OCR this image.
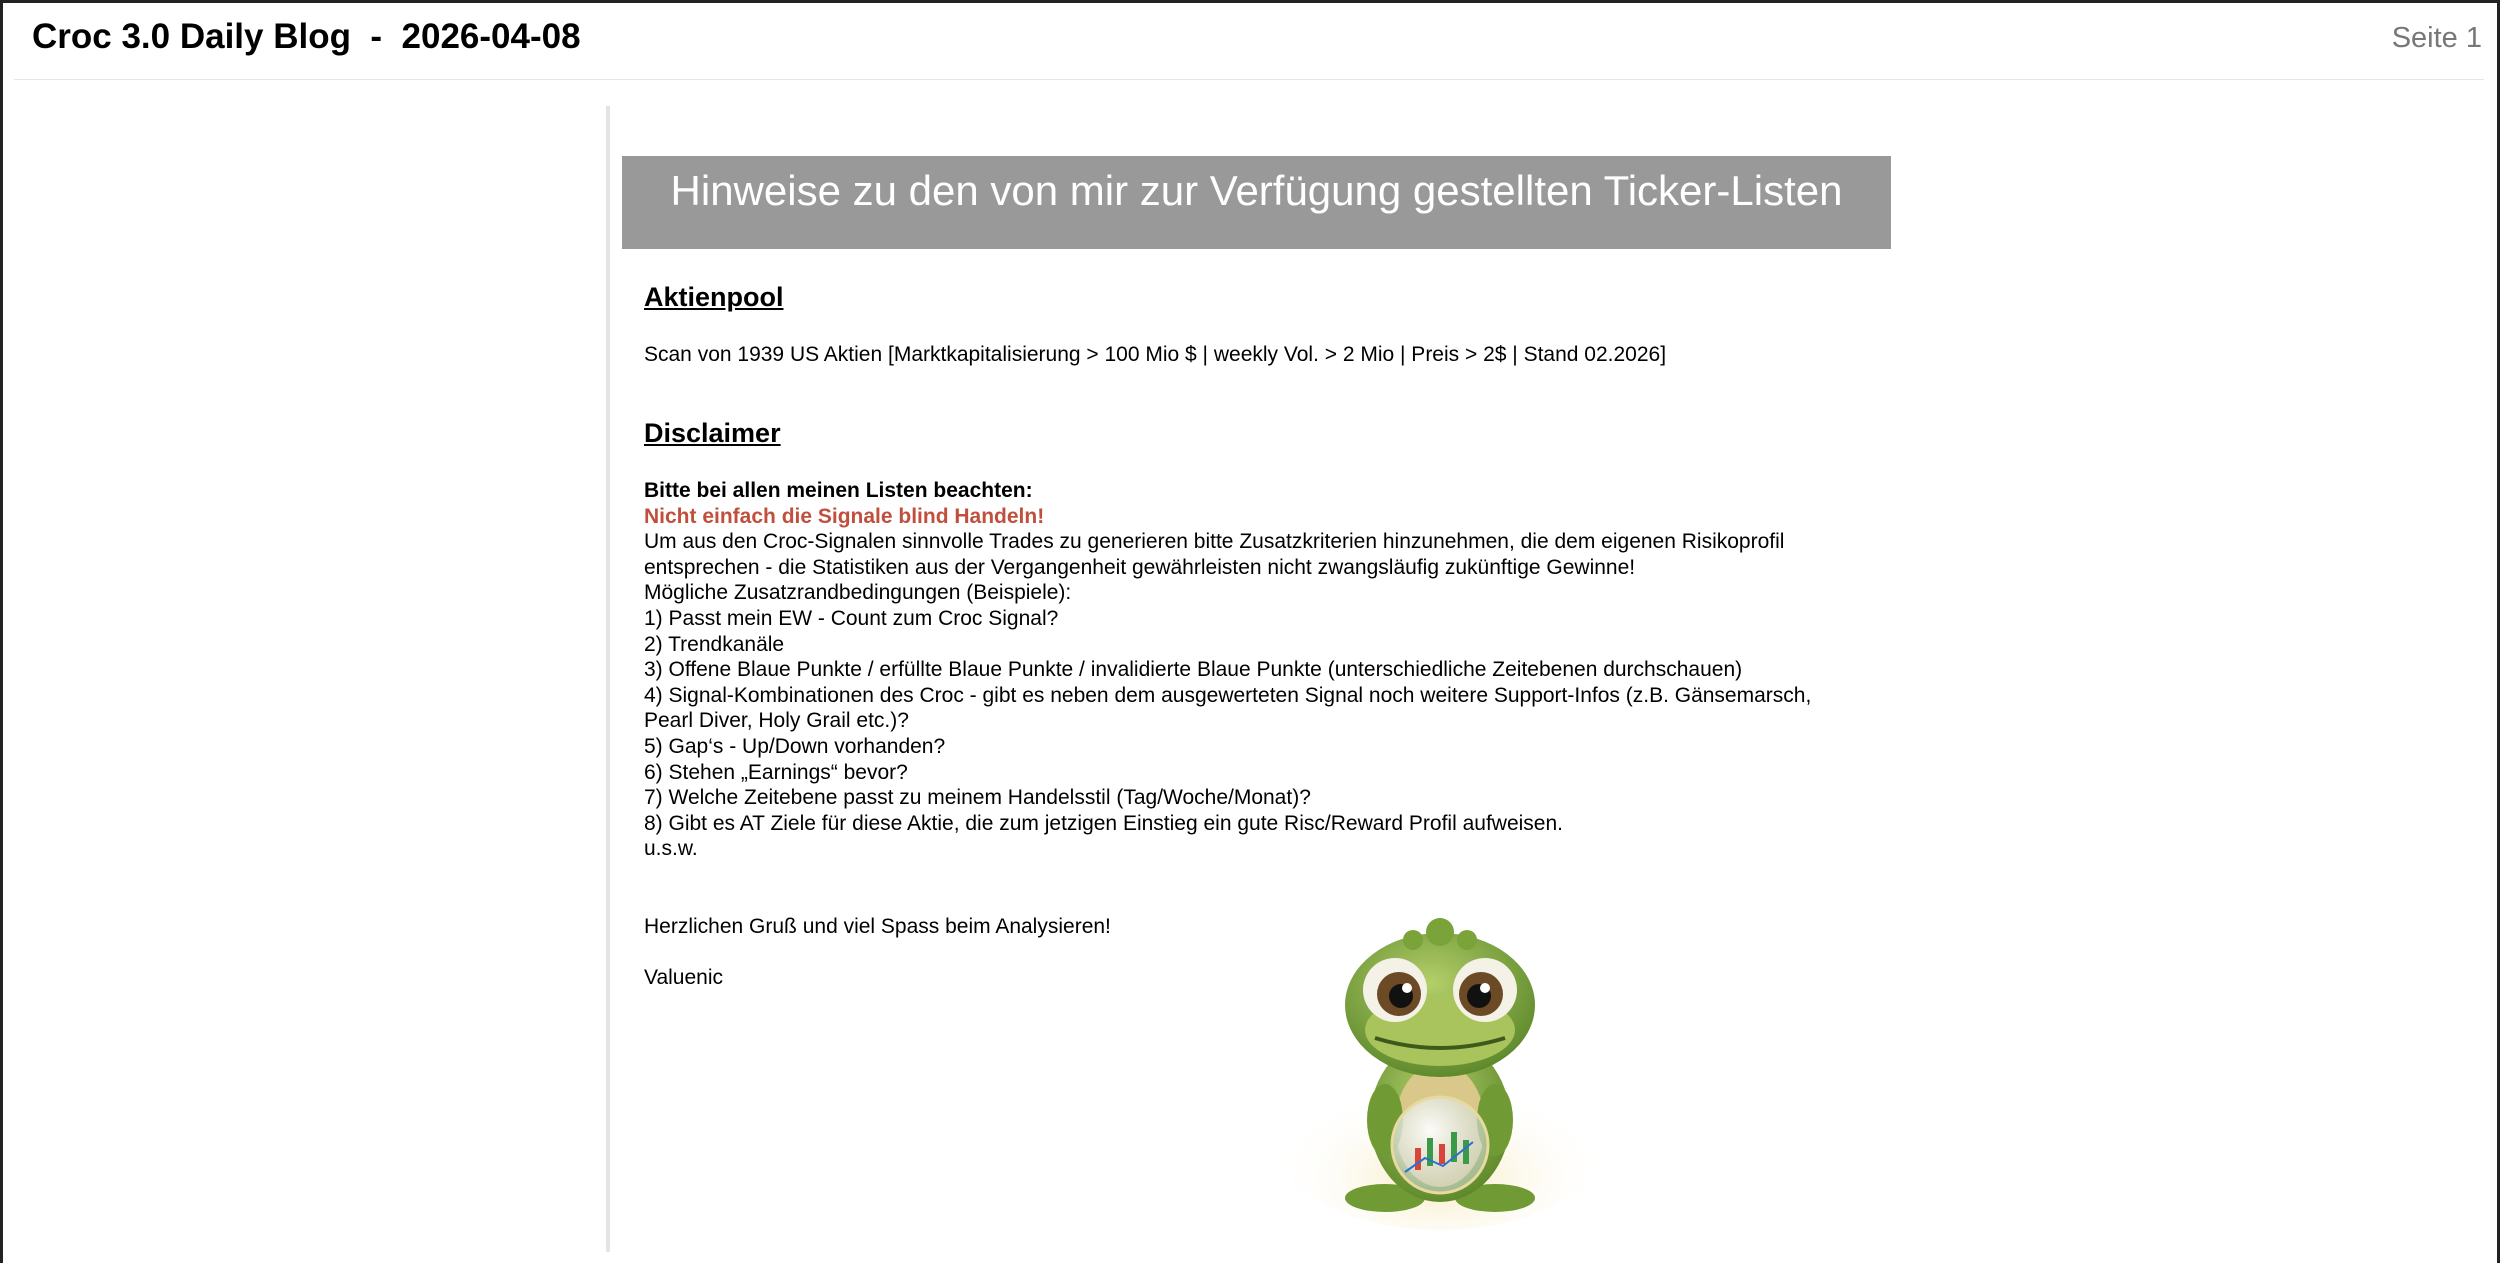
Croc 3.0 Daily Blog  -  2026-04-08	Seite 1
Hinweise zu den von mir zur Verfügung gestellten Ticker-Listen
Aktienpool
Scan von 1939 US Aktien [Marktkapitalisierung > 100 Mio $ | weekly Vol. > 2 Mio | Preis > 2$ | Stand 02.2026]
Disclaimer
Bitte bei allen meinen Listen beachten:
Nicht einfach die Signale blind Handeln!
Um aus den Croc-Signalen sinnvolle Trades zu generieren bitte Zusatzkriterien hinzunehmen, die dem eigenen Risikoprofil
entsprechen - die Statistiken aus der Vergangenheit gewährleisten nicht zwangsläufig zukünftige Gewinne!
Mögliche Zusatzrandbedingungen (Beispiele):
1) Passt mein EW - Count zum Croc Signal?
2) Trendkanäle
3) Offene Blaue Punkte / erfüllte Blaue Punkte / invalidierte Blaue Punkte (unterschiedliche Zeitebenen durchschauen)
4) Signal-Kombinationen des Croc - gibt es neben dem ausgewerteten Signal noch weitere Support-Infos (z.B. Gänsemarsch,
Pearl Diver, Holy Grail etc.)?
5) Gap‘s - Up/Down vorhanden?
6) Stehen „Earnings“ bevor?
7) Welche Zeitebene passt zu meinem Handelsstil (Tag/Woche/Monat)?
8) Gibt es AT Ziele für diese Aktie, die zum jetzigen Einstieg ein gute Risc/Reward Profil aufweisen.
u.s.w.
Herzlichen Gruß und viel Spass beim Analysieren!
Valuenic
